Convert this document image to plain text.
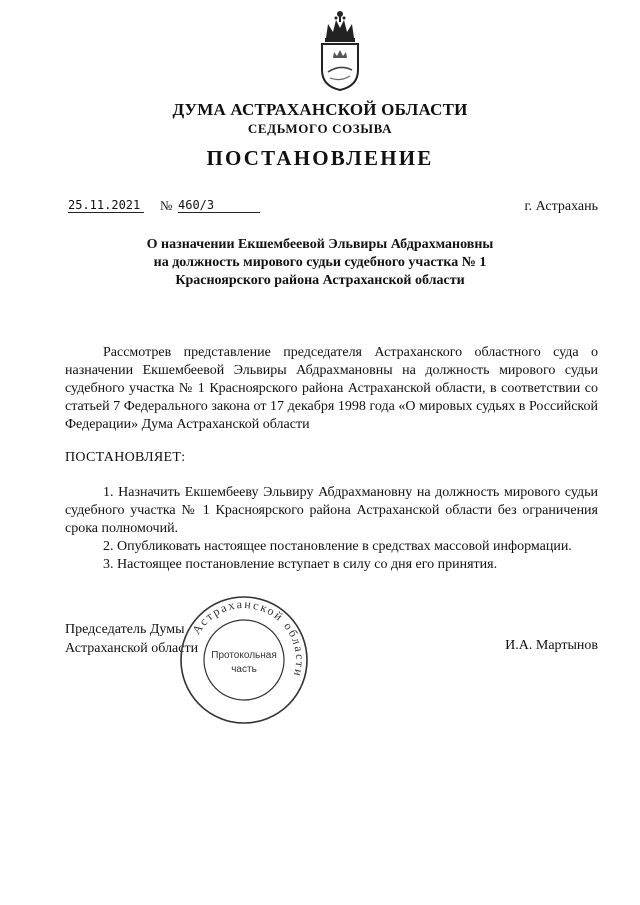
ДУМА АСТРАХАНСКОЙ ОБЛАСТИ
СЕДЬМОГО СОЗЫВА
ПОСТАНОВЛЕНИЕ
25.11.2021	№ 460/3	г. Астрахань
О назначении Екшембеевой Эльвиры Абдрахмановны
на должность мирового судьи судебного участка № 1
Красноярского района Астраханской области
Рассмотрев представление председателя Астраханского областного суда о назначении Екшембеевой Эльвиры Абдрахмановны на должность мирового судьи судебного участка № 1 Красноярского района Астраханской области, в соответствии со статьей 7 Федерального закона от 17 декабря 1998 года «О мировых судьях в Российской Федерации» Дума Астраханской области
ПОСТАНОВЛЯЕТ:

1. Назначить Екшембееву Эльвиру Абдрахмановну на должность мирового судьи судебного участка № 1 Красноярского района Астраханской области без ограничения срока полномочий.

2. Опубликовать настоящее постановление в средствах массовой информации.

3. Настоящее постановление вступает в силу со дня его принятия.

Председатель Думы
Астраханской области	И.А. Мартынов
Астраханской области
Протокольная
часть
